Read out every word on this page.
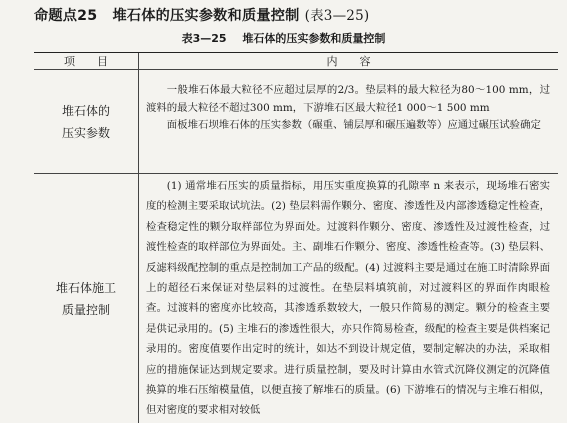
命题点25 堆石体的压实参数和质量控制 (表3—25)
表3—25 堆石体的压实参数和质量控制
项目	内容
堆石体的
压实参数

一般堆石体最大粒径不应超过层厚的2/3。垫层料的最大粒径为80～100 mm，过渡料的最大粒径不超过300 mm，下游堆石区最大粒径1 000～1 500 mm

面板堆石坝堆石体的压实参数（碾重、铺层厚和碾压遍数等）应通过碾压试验确定

堆石体施工
质量控制

(1) 通常堆石压实的质量指标，用压实重度换算的孔隙率 n 来表示，现场堆石密实度的检测主要采取试坑法。(2) 垫层料需作颗分、密度、渗透性及内部渗透稳定性检查，检查稳定性的颗分取样部位为界面处。过渡料作颗分、密度、渗透性及过渡性检查，过渡性检查的取样部位为界面处。主、副堆石作颗分、密度、渗透性检查等。(3) 垫层料、反滤料级配控制的重点是控制加工产品的级配。(4) 过渡料主要是通过在施工时清除界面上的超径石来保证对垫层料的过渡性。在垫层料填筑前，对过渡料区的界面作肉眼检查。过渡料的密度亦比较高，其渗透系数较大，一般只作简易的测定。颗分的检查主要是供记录用的。(5) 主堆石的渗透性很大，亦只作简易检查，级配的检查主要是供档案记录用的。密度值要作出定时的统计，如达不到设计规定值，要制定解决的办法，采取相应的措施保证达到规定要求。进行质量控制，要及时计算由水管式沉降仪测定的沉降值换算的堆石压缩模量值，以便直接了解堆石的质量。(6) 下游堆石的情况与主堆石相似，但对密度的要求相对较低
